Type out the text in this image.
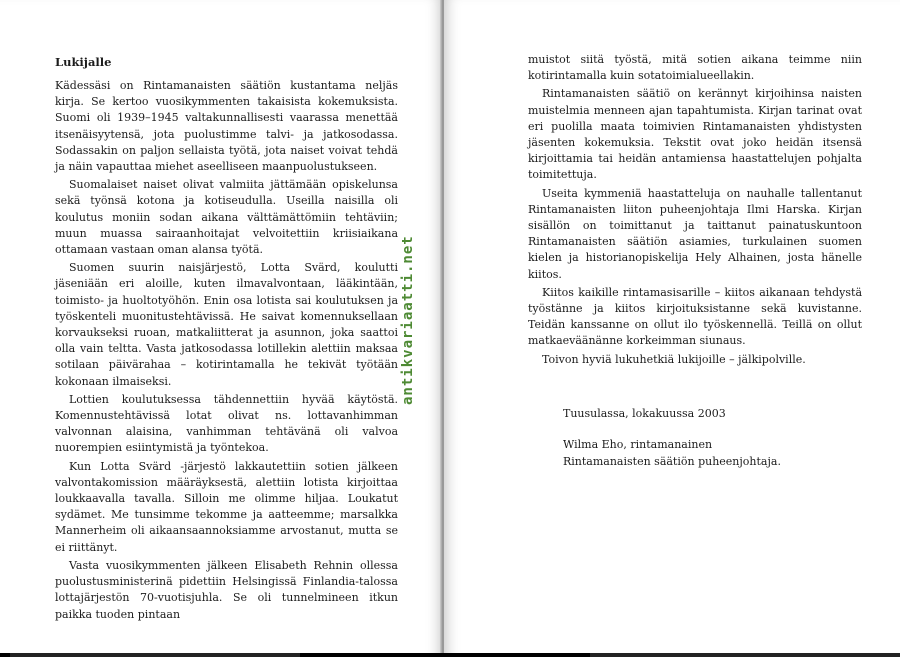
Lukijalle

Kädessäsi on Rintamanaisten säätiön kustantama neljäs kirja. Se kertoo vuosikymmenten takaisista kokemuksista. Suomi oli 1939–1945 valtakunnallisesti vaarassa menettää itsenäisyytensä, jota puolustimme talvi- ja jatkosodassa. Sodassakin on paljon sellaista työtä, jota naiset voivat tehdä ja näin vapauttaa miehet aseelliseen maanpuolustukseen.

Suomalaiset naiset olivat valmiita jättämään opiskelunsa sekä työnsä kotona ja kotiseudulla. Useilla naisilla oli koulutus moniin sodan aikana välttämättömiin tehtäviin; muun muassa sairaanhoitajat velvoitettiin kriisiaikana ottamaan vastaan oman alansa työtä.

Suomen suurin naisjärjestö, Lotta Svärd, koulutti jäseniään eri aloille, kuten ilmavalvontaan, lääkintään, toimisto- ja huoltotyöhön. Enin osa lotista sai koulutuksen ja työskenteli muonitustehtävissä. He saivat komennuksellaan korvaukseksi ruoan, matkaliitterat ja asunnon, joka saattoi olla vain teltta. Vasta jatkosodassa lotillekin alettiin maksaa sotilaan päivärahaa – kotirintamalla he tekivät työtään kokonaan ilmaiseksi.

Lottien koulutuksessa tähdennettiin hyvää käytöstä. Komennustehtävissä lotat olivat ns. lottavanhimman valvonnan alaisina, vanhimman tehtävänä oli valvoa nuorempien esiintymistä ja työntekoa.

Kun Lotta Svärd -järjestö lakkautettiin sotien jälkeen valvontakomission määräyksestä, alettiin lotista kirjoittaa loukkaavalla tavalla. Silloin me olimme hiljaa. Loukatut sydämet. Me tunsimme tekomme ja aatteemme; marsalkka Mannerheim oli aikaansaannoksiamme arvostanut, mutta se ei riittänyt.

Vasta vuosikymmenten jälkeen Elisabeth Rehnin ollessa puolustusministerinä pidettiin Helsingissä Finlandia-talossa lottajärjestön 70-vuotisjuhla. Se oli tunnelmineen itkun paikka tuoden pintaan

muistot siitä työstä, mitä sotien aikana teimme niin kotirintamalla kuin sotatoimialueellakin.

Rintamanaisten säätiö on kerännyt kirjoihinsa naisten muistelmia menneen ajan tapahtumista. Kirjan tarinat ovat eri puolilla maata toimivien Rintamanaisten yhdistysten jäsenten kokemuksia. Tekstit ovat joko heidän itsensä kirjoittamia tai heidän antamiensa haastattelujen pohjalta toimitettuja.

Useita kymmeniä haastatteluja on nauhalle tallentanut Rintamanaisten liiton puheenjohtaja Ilmi Harska. Kirjan sisällön on toimittanut ja taittanut painatuskuntoon Rintamanaisten säätiön asiamies, turkulainen suomen kielen ja historianopiskelija Hely Alhainen, josta hänelle kiitos.

Kiitos kaikille rintamasisarille – kiitos aikanaan tehdystä työstänne ja kiitos kirjoituksistanne sekä kuvistanne. Teidän kanssanne on ollut ilo työskennellä. Teillä on ollut matkaeväänänne korkeimman siunaus.

Toivon hyviä lukuhetkiä lukijoille – jälkipolville.

Tuusulassa, lokakuussa 2003
Wilma Eho, rintamanainen
Rintamanaisten säätiön puheenjohtaja.
antikvariaatti.net
